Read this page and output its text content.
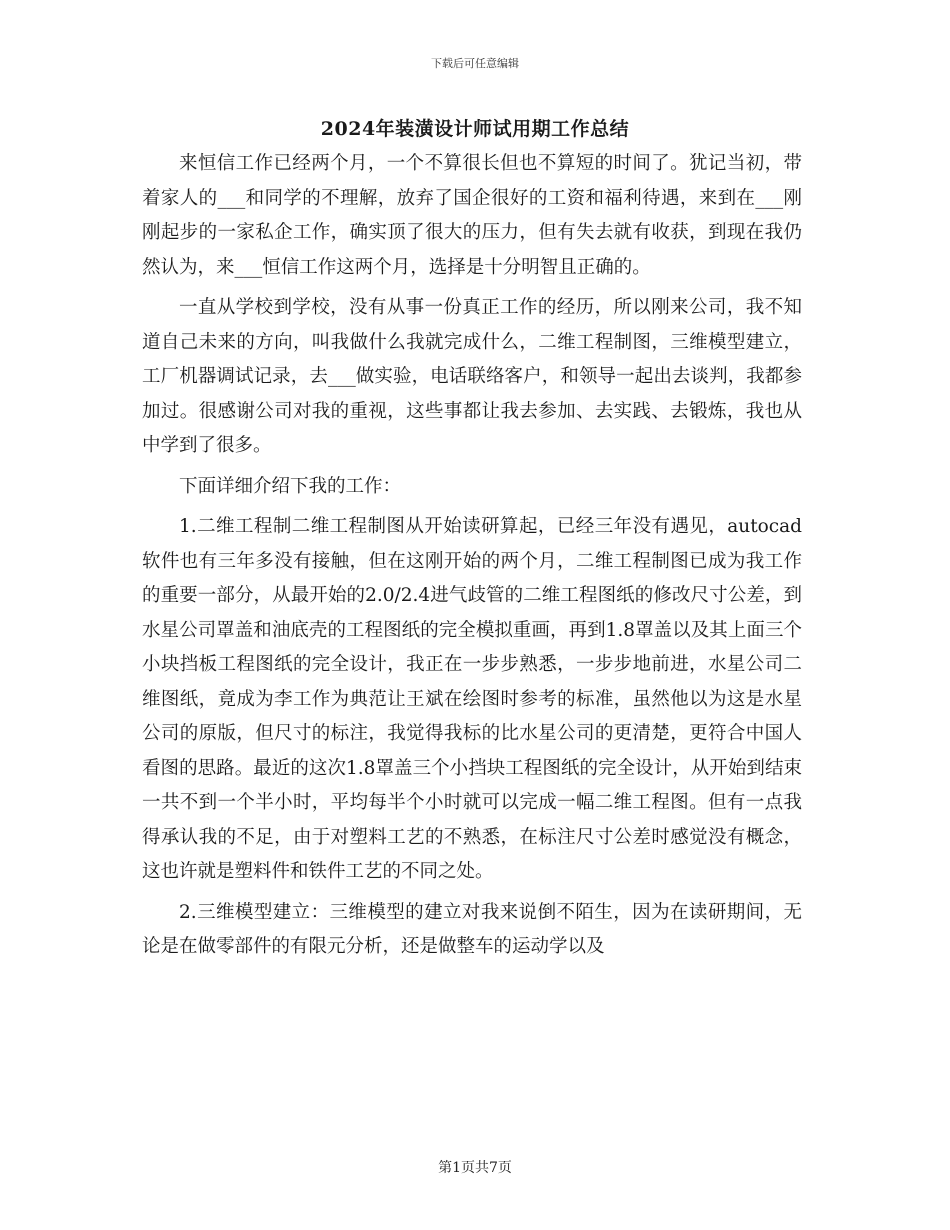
下载后可任意编辑
2024年装潢设计师试用期工作总结

来恒信工作已经两个月，一个不算很长但也不算短的时间了。犹记当初，带着家人的___和同学的不理解，放弃了国企很好的工资和福利待遇，来到在___刚刚起步的一家私企工作，确实顶了很大的压力，但有失去就有收获，到现在我仍然认为，来___恒信工作这两个月，选择是十分明智且正确的。

一直从学校到学校，没有从事一份真正工作的经历，所以刚来公司，我不知道自己未来的方向，叫我做什么我就完成什么，二维工程制图，三维模型建立，工厂机器调试记录，去___做实验，电话联络客户，和领导一起出去谈判，我都参加过。很感谢公司对我的重视，这些事都让我去参加、去实践、去锻炼，我也从中学到了很多。

下面详细介绍下我的工作：

1.二维工程制二维工程制图从开始读研算起，已经三年没有遇见，autocad软件也有三年多没有接触，但在这刚开始的两个月，二维工程制图已成为我工作的重要一部分，从最开始的2.0/2.4进气歧管的二维工程图纸的修改尺寸公差，到水星公司罩盖和油底壳的工程图纸的完全模拟重画，再到1.8罩盖以及其上面三个小块挡板工程图纸的完全设计，我正在一步步熟悉，一步步地前进，水星公司二维图纸，竟成为李工作为典范让王斌在绘图时参考的标准，虽然他以为这是水星公司的原版，但尺寸的标注，我觉得我标的比水星公司的更清楚，更符合中国人看图的思路。最近的这次1.8罩盖三个小挡块工程图纸的完全设计，从开始到结束一共不到一个半小时，平均每半个小时就可以完成一幅二维工程图。但有一点我得承认我的不足，由于对塑料工艺的不熟悉，在标注尺寸公差时感觉没有概念，这也许就是塑料件和铁件工艺的不同之处。

2.三维模型建立：三维模型的建立对我来说倒不陌生，因为在读研期间，无论是在做零部件的有限元分析，还是做整车的运动学以及

第1页共7页
